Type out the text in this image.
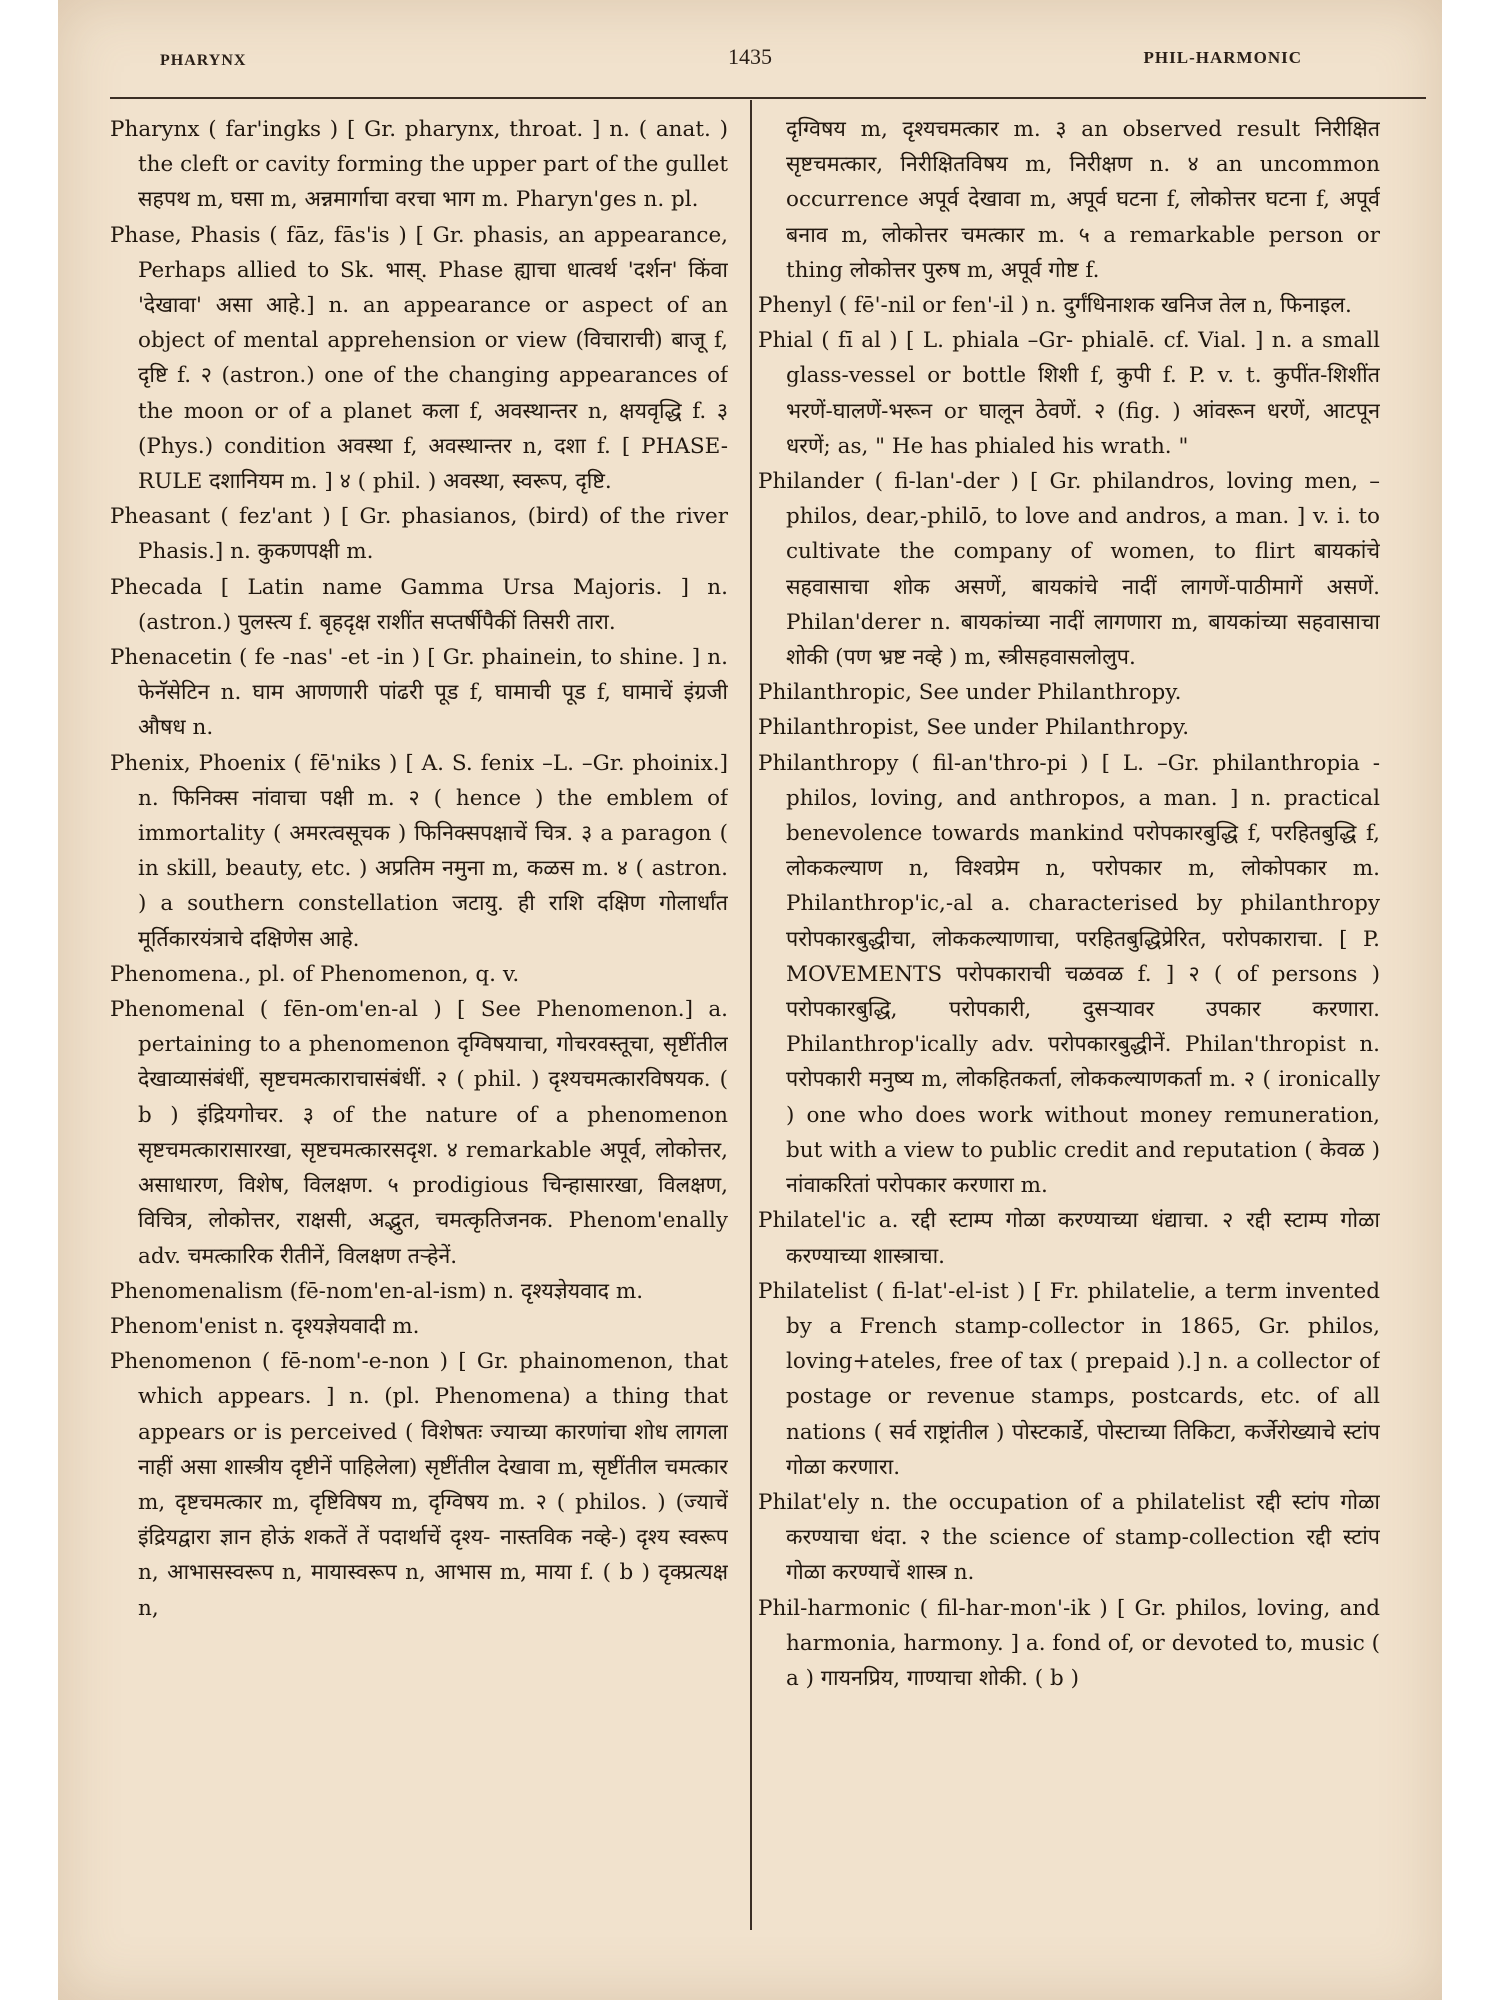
PHARYNX	1435	PHIL-HARMONIC

Pharynx ( far'ingks ) [ Gr. pharynx, throat. ] n. ( anat. ) the cleft or cavity forming the upper part of the gullet सहपथ m, घसा m, अन्नमार्गाचा वरचा भाग m. Pharyn'ges n. pl.

Phase, Phasis ( fāz, fās'is ) [ Gr. phasis, an appearance, Perhaps allied to Sk. भास्. Phase ह्याचा धात्वर्थ 'दर्शन' किंवा 'देखावा' असा आहे.] n. an appearance or aspect of an object of mental apprehension or view (विचाराची) बाजू f, दृष्टि f. २ (astron.) one of the changing appearances of the moon or of a planet कला f, अवस्थान्तर n, क्षयवृद्धि f. ३ (Phys.) condition अवस्था f, अवस्थान्तर n, दशा f. [ PHASE-RULE दशानियम m. ] ४ ( phil. ) अवस्था, स्वरूप, दृष्टि.

Pheasant ( fez'ant ) [ Gr. phasianos, (bird) of the river Phasis.] n. कुकणपक्षी m.

Phecada [ Latin name Gamma Ursa Majoris. ] n. (astron.) पुलस्त्य f. बृहदृक्ष राशींत सप्तर्षीपैकीं तिसरी तारा.

Phenacetin ( fe -nas' -et -in ) [ Gr. phainein, to shine. ] n. फेनॅसेटिन n. घाम आणणारी पांढरी पूड f, घामाची पूड f, घामाचें इंग्रजी औषध n.

Phenix, Phoenix ( fē'niks ) [ A. S. fenix –L. –Gr. phoinix.] n. फिनिक्स नांवाचा पक्षी m. २ ( hence ) the emblem of immortality ( अमरत्वसूचक ) फिनिक्सपक्षाचें चित्र. ३ a paragon ( in skill, beauty, etc. ) अप्रतिम नमुना m, कळस m. ४ ( astron. ) a southern constellation जटायु. ही राशि दक्षिण गोलार्धांत मूर्तिकारयंत्राचे दक्षिणेस आहे.

Phenomena., pl. of Phenomenon, q. v.

Phenomenal ( fēn-om'en-al ) [ See Phenomenon.] a. pertaining to a phenomenon दृग्विषयाचा, गोचरवस्तूचा, सृष्टींतील देखाव्यासंबंधीं, सृष्टचमत्काराचासंबंधीं. २ ( phil. ) दृश्यचमत्कारविषयक. ( b ) इंद्रियगोचर. ३ of the nature of a phenomenon सृष्टचमत्कारासारखा, सृष्टचमत्कारसदृश. ४ remarkable अपूर्व, लोकोत्तर, असाधारण, विशेष, विलक्षण. ५ prodigious चिन्हासारखा, विलक्षण, विचित्र, लोकोत्तर, राक्षसी, अद्भुत, चमत्कृतिजनक. Phenom'enally adv. चमत्कारिक रीतीनें, विलक्षण तऱ्हेनें.

Phenomenalism (fē-nom'en-al-ism) n. दृश्यज्ञेयवाद m.

Phenom'enist n. दृश्यज्ञेयवादी m.

Phenomenon ( fē-nom'-e-non ) [ Gr. phainomenon, that which appears. ] n. (pl. Phenomena) a thing that appears or is perceived ( विशेषतः ज्याच्या कारणांचा शोध लागला नाहीं असा शास्त्रीय दृष्टीनें पाहिलेला) सृष्टींतील देखावा m, सृष्टींतील चमत्कार m, दृष्टचमत्कार m, दृष्टिविषय m, दृग्विषय m. २ ( philos. ) (ज्याचें इंद्रियद्वारा ज्ञान होऊं शकतें तें पदार्थाचें दृश्य- नास्तविक नव्हे-) दृश्य स्वरूप n, आभासस्वरूप n, मायास्वरूप n, आभास m, माया f. ( b ) दृक्प्रत्यक्ष n,

दृग्विषय m, दृश्यचमत्कार m. ३ an observed result निरीक्षित सृष्टचमत्कार, निरीक्षितविषय m, निरीक्षण n. ४ an uncommon occurrence अपूर्व देखावा m, अपूर्व घटना f, लोकोत्तर घटना f, अपूर्व बनाव m, लोकोत्तर चमत्कार m. ५ a remarkable person or thing लोकोत्तर पुरुष m, अपूर्व गोष्ट f.

Phenyl ( fē'-nil or fen'-il ) n. दुर्गंधिनाशक खनिज तेल n, फिनाइल.

Phial ( fī al ) [ L. phiala –Gr- phialē. cf. Vial. ] n. a small glass-vessel or bottle शिशी f, कुपी f. P. v. t. कुपींत-शिशींत भरणें-घालणें-भरून or घालून ठेवणें. २ (fig. ) आंवरून धरणें, आटपून धरणें; as, " He has phialed his wrath. "

Philander ( fi-lan'-der ) [ Gr. philandros, loving men, –philos, dear,-philō, to love and andros, a man. ] v. i. to cultivate the company of women, to flirt बायकांचे सहवासाचा शोक असणें, बायकांचे नादीं लागणें-पाठीमागें असणें. Philan'derer n. बायकांच्या नादीं लागणारा m, बायकांच्या सहवासाचा शोकी (पण भ्रष्ट नव्हे ) m, स्त्रीसहवासलोलुप.

Philanthropic, See under Philanthropy.

Philanthropist, See under Philanthropy.

Philanthropy ( fil-an'thro-pi ) [ L. –Gr. philanthropia -philos, loving, and anthropos, a man. ] n. practical benevolence towards mankind परोपकारबुद्धि f, परहितबुद्धि f, लोककल्याण n, विश्वप्रेम n, परोपकार m, लोकोपकार m. Philanthrop'ic,-al a. characterised by philanthropy परोपकारबुद्धीचा, लोककल्याणाचा, परहितबुद्धिप्रेरित, परोपकाराचा. [ P. MOVEMENTS परोपकाराची चळवळ f. ] २ ( of persons ) परोपकारबुद्धि, परोपकारी, दुसऱ्यावर उपकार करणारा. Philanthrop'ically adv. परोपकारबुद्धीनें. Philan'thropist n. परोपकारी मनुष्य m, लोकहितकर्ता, लोककल्याणकर्ता m. २ ( ironically ) one who does work without money remuneration, but with a view to public credit and reputation ( केवळ ) नांवाकरितां परोपकार करणारा m.

Philatel'ic a. रद्दी स्टाम्प गोळा करण्याच्या धंद्याचा. २ रद्दी स्टाम्प गोळा करण्याच्या शास्त्राचा.

Philatelist ( fi-lat'-el-ist ) [ Fr. philatelie, a term invented by a French stamp-collector in 1865, Gr. philos, loving+ateles, free of tax ( prepaid ).] n. a collector of postage or revenue stamps, postcards, etc. of all nations ( सर्व राष्ट्रांतील ) पोस्टकार्डे, पोस्टाच्या तिकिटा, कर्जेरोख्याचे स्टांप गोळा करणारा.

Philat'ely n. the occupation of a philatelist रद्दी स्टांप गोळा करण्याचा धंदा. २ the science of stamp-collection रद्दी स्टांप गोळा करण्याचें शास्त्र n.

Phil-harmonic ( fil-har-mon'-ik ) [ Gr. philos, loving, and harmonia, harmony. ] a. fond of, or devoted to, music ( a ) गायनप्रिय, गाण्याचा शोकी. ( b )
